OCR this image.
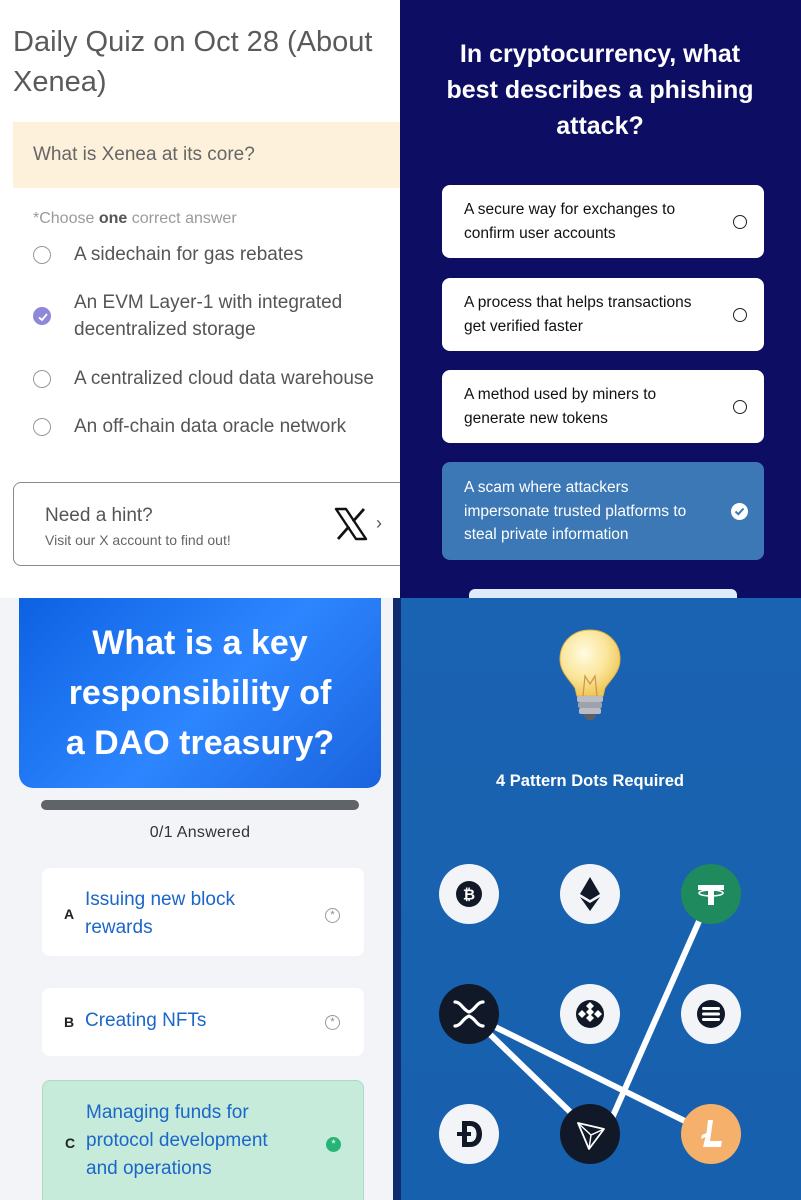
Daily Quiz on Oct 28 (About
Xenea)
What is Xenea at its core?
*Choose one correct answer
A sidechain for gas rebates
An EVM Layer-1 with integrated
decentralized storage
A centralized cloud data warehouse
An off-chain data oracle network
Need a hint?
Visit our X account to find out!
›
In cryptocurrency, what
best describes a phishing
attack?
A secure way for exchanges to
confirm user accounts
A process that helps transactions
get verified faster
A method used by miners to
generate new tokens
A scam where attackers
impersonate trusted platforms to
steal private information
What is a key
responsibility of
a DAO treasury?
0/1 Answered
A
Issuing new block
rewards
*
B Creating NFTs	*
C
Managing funds for
protocol development
and operations
*
4 Pattern Dots Required
₿
